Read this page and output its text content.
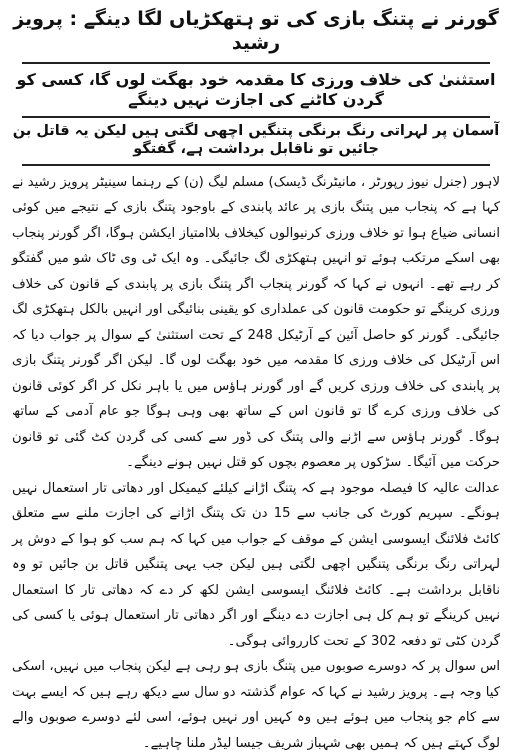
گورنر نے پتنگ بازی کی تو ہتھکڑیاں لگا دینگے : پرویز رشید
استثنیٰ کی خلاف ورزی کا مقدمہ خود بھگت لوں گا، کسی کو گردن کاٹنے کی اجازت نہیں دینگے
آسمان پر لہراتی رنگ برنگی پتنگیں اچھی لگتی ہیں لیکن یہ قاتل بن جائیں تو ناقابل برداشت ہے، گفتگو

لاہور (جنرل نیوز رپورٹر ، مانیٹرنگ ڈیسک) مسلم لیگ (ن) کے رہنما سینیٹر پرویز رشید نے کہا ہے کہ پنجاب میں پتنگ بازی پر عائد پابندی کے باوجود پتنگ بازی کے نتیجے میں کوئی انسانی ضیاع ہوا تو خلاف ورزی کرنیوالوں کیخلاف بلاامتیاز ایکشن ہوگا، اگر گورنر پنجاب بھی اسکے مرتکب ہوئے تو انہیں ہتھکڑی لگ جائیگی۔ وہ ایک ٹی وی ٹاک شو میں گفتگو کر رہے تھے۔ انہوں نے کہا کہ گورنر پنجاب اگر پتنگ بازی پر پابندی کے قانون کی خلاف ورزی کرینگے تو حکومت قانون کی عملداری کو یقینی بنائیگی اور انہیں بالکل ہتھکڑی لگ جائیگی۔ گورنر کو حاصل آئین کے آرٹیکل 248 کے تحت استثنیٰ کے سوال پر جواب دیا کہ اس آرٹیکل کی خلاف ورزی کا مقدمہ میں خود بھگت لوں گا۔ لیکن اگر گورنر پتنگ بازی پر پابندی کی خلاف ورزی کریں گے اور گورنر ہاؤس میں یا باہر نکل کر اگر کوئی قانون کی خلاف ورزی کرے گا تو قانون اس کے ساتھ بھی وہی ہوگا جو عام آدمی کے ساتھ ہوگا۔ گورنر ہاؤس سے اڑنے والی پتنگ کی ڈور سے کسی کی گردن کٹ گئی تو قانون حرکت میں آئیگا۔ سڑکوں پر معصوم بچوں کو قتل نہیں ہونے دینگے۔

عدالت عالیہ کا فیصلہ موجود ہے کہ پتنگ اڑانے کیلئے کیمیکل اور دھاتی تار استعمال نہیں ہونگے۔ سپریم کورٹ کی جانب سے 15 دن تک پتنگ اڑانے کی اجازت ملنے سے متعلق کائٹ فلائنگ ایسوسی ایشن کے موقف کے جواب میں کہا کہ ہم سب کو ہوا کے دوش پر لہراتی رنگ برنگی پتنگیں اچھی لگتی ہیں لیکن جب یہی پتنگیں قاتل بن جائیں تو وہ ناقابل برداشت ہے۔ کائٹ فلائنگ ایسوسی ایشن لکھ کر دے کہ دھاتی تار کا استعمال نہیں کرینگے تو ہم کل ہی اجازت دے دینگے اور اگر دھاتی تار استعمال ہوئی یا کسی کی گردن کٹی تو دفعہ 302 کے تحت کارروائی ہوگی۔

اس سوال پر کہ دوسرے صوبوں میں پتنگ بازی ہو رہی ہے لیکن پنجاب میں نہیں، اسکی کیا وجہ ہے۔ پرویز رشید نے کہا کہ عوام گذشتہ دو سال سے دیکھ رہے ہیں کہ ایسے بہت سے کام جو پنجاب میں ہوئے ہیں وہ کہیں اور نہیں ہوئے، اسی لئے دوسرے صوبوں والے لوگ کہتے ہیں کہ ہمیں بھی شہباز شریف جیسا لیڈر ملنا چاہیے۔
